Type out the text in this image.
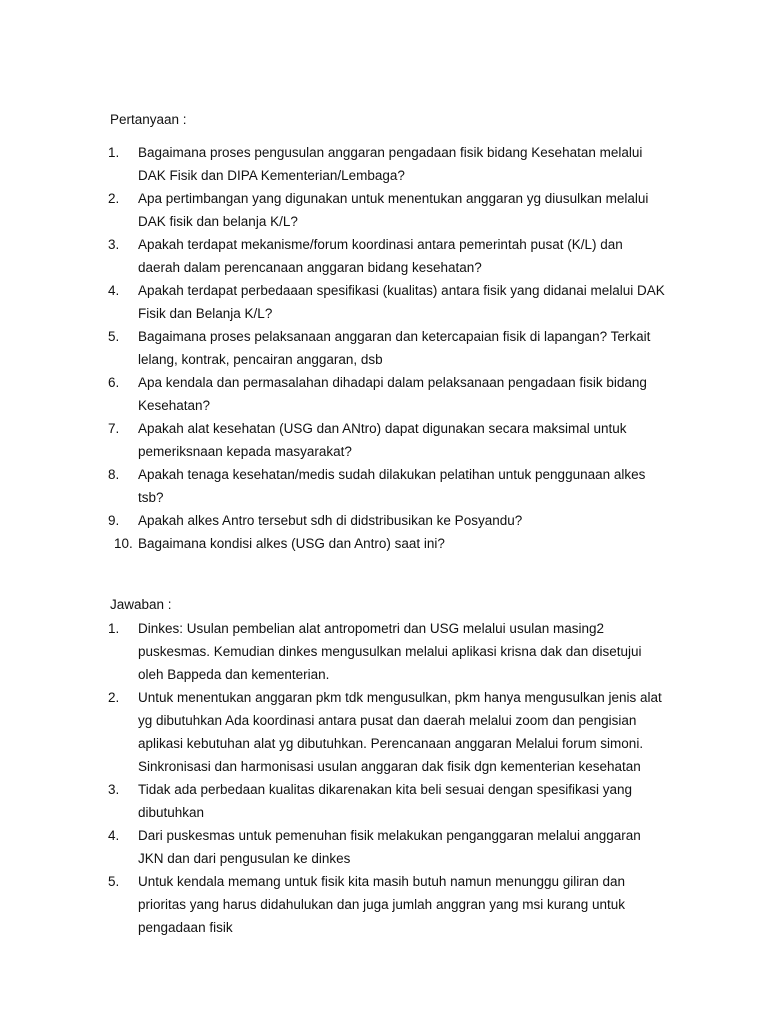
Pertanyaan :

1.	Bagaimana proses pengusulan anggaran pengadaan fisik bidang Kesehatan melalui
DAK Fisik dan DIPA Kementerian/Lembaga?
2.	Apa pertimbangan yang digunakan untuk menentukan anggaran yg diusulkan melalui
DAK fisik dan belanja K/L?
3.	Apakah terdapat mekanisme/forum koordinasi antara pemerintah pusat (K/L) dan
daerah dalam perencanaan anggaran bidang kesehatan?
4.	Apakah terdapat perbedaaan spesifikasi (kualitas) antara fisik yang didanai melalui DAK
Fisik dan Belanja K/L?
5.	Bagaimana proses pelaksanaan anggaran dan ketercapaian fisik di lapangan? Terkait
lelang, kontrak, pencairan anggaran, dsb
6.	Apa kendala dan permasalahan dihadapi dalam pelaksanaan pengadaan fisik bidang
Kesehatan?
7.	Apakah alat kesehatan (USG dan ANtro) dapat digunakan secara maksimal untuk
pemeriksnaan kepada masyarakat?
8.	Apakah tenaga kesehatan/medis sudah dilakukan pelatihan untuk penggunaan alkes
tsb?
9.	Apakah alkes Antro tersebut sdh di didstribusikan ke Posyandu?
10. Bagaimana kondisi alkes (USG dan Antro) saat ini?

Jawaban :

1.	Dinkes: Usulan pembelian alat antropometri dan USG melalui usulan masing2
puskesmas. Kemudian dinkes mengusulkan melalui aplikasi krisna dak dan disetujui
oleh Bappeda dan kementerian.
2.	Untuk menentukan anggaran pkm tdk mengusulkan, pkm hanya mengusulkan jenis alat
yg dibutuhkan Ada koordinasi antara pusat dan daerah melalui zoom dan pengisian
aplikasi kebutuhan alat yg dibutuhkan. Perencanaan anggaran Melalui forum simoni.
Sinkronisasi dan harmonisasi usulan anggaran dak fisik dgn kementerian kesehatan
3.	Tidak ada perbedaan kualitas dikarenakan kita beli sesuai dengan spesifikasi yang
dibutuhkan
4.	Dari puskesmas untuk pemenuhan fisik melakukan penganggaran melalui anggaran
JKN dan dari pengusulan ke dinkes
5.	Untuk kendala memang untuk fisik kita masih butuh namun menunggu giliran dan
prioritas yang harus didahulukan dan juga jumlah anggran yang msi kurang untuk
pengadaan fisik
